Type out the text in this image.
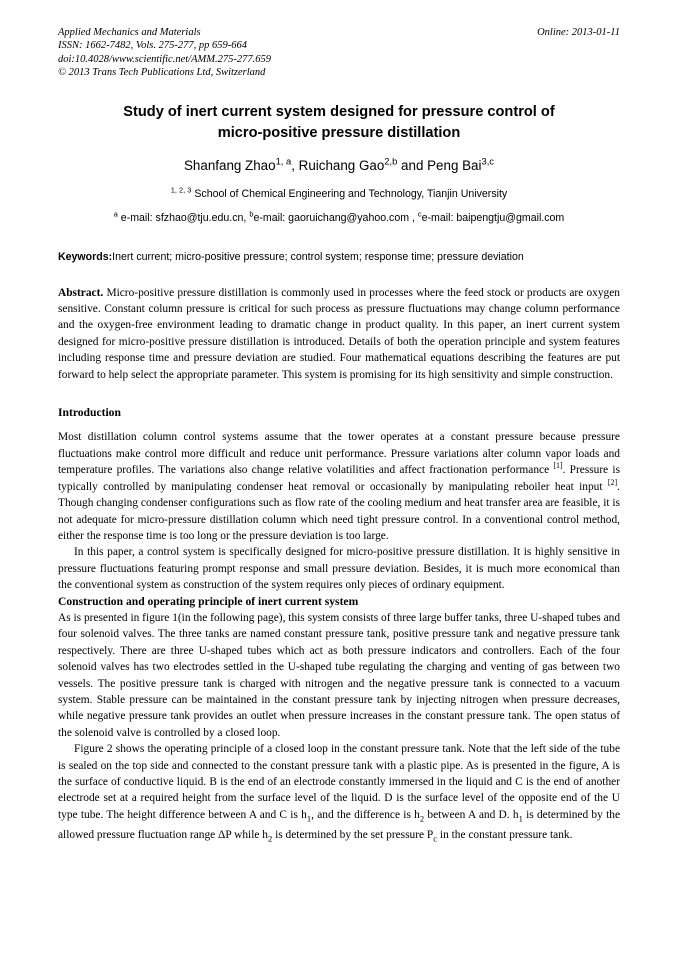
Applied Mechanics and Materials
ISSN: 1662-7482, Vols. 275-277, pp 659-664
doi:10.4028/www.scientific.net/AMM.275-277.659
© 2013 Trans Tech Publications Ltd, Switzerland
Online: 2013-01-11
Study of inert current system designed for pressure control of
micro-positive pressure distillation
Shanfang Zhao$^{1, a}$, Ruichang Gao$^{2,b}$ and Peng Bai$^{3,c}$
$^{1, 2, 3}$ School of Chemical Engineering and Technology, Tianjin University
$^a$ e-mail: sfzhao@tju.edu.cn, $^b$e-mail: gaoruichang@yahoo.com , $^c$e-mail: baipengtju@gmail.com
Keywords:Inert current; micro-positive pressure; control system; response time; pressure deviation
Abstract. Micro-positive pressure distillation is commonly used in processes where the feed stock or products are oxygen sensitive. Constant column pressure is critical for such process as pressure fluctuations may change column performance and the oxygen-free environment leading to dramatic change in product quality. In this paper, an inert current system designed for micro-positive pressure distillation is introduced. Details of both the operation principle and system features including response time and pressure deviation are studied. Four mathematical equations describing the features are put forward to help select the appropriate parameter. This system is promising for its high sensitivity and simple construction.
Introduction

Most distillation column control systems assume that the tower operates at a constant pressure because pressure fluctuations make control more difficult and reduce unit performance. Pressure variations alter column vapor loads and temperature profiles. The variations also change relative volatilities and affect fractionation performance [1]. Pressure is typically controlled by manipulating condenser heat removal or occasionally by manipulating reboiler heat input [2]. Though changing condenser configurations such as flow rate of the cooling medium and heat transfer area are feasible, it is not adequate for micro-pressure distillation column which need tight pressure control. In a conventional control method, either the response time is too long or the pressure deviation is too large.

In this paper, a control system is specifically designed for micro-positive pressure distillation. It is highly sensitive in pressure fluctuations featuring prompt response and small pressure deviation. Besides, it is much more economical than the conventional system as construction of the system requires only pieces of ordinary equipment.

Construction and operating principle of inert current system

As is presented in figure 1(in the following page), this system consists of three large buffer tanks, three U-shaped tubes and four solenoid valves. The three tanks are named constant pressure tank, positive pressure tank and negative pressure tank respectively. There are three U-shaped tubes which act as both pressure indicators and controllers. Each of the four solenoid valves has two electrodes settled in the U-shaped tube regulating the charging and venting of gas between two vessels. The positive pressure tank is charged with nitrogen and the negative pressure tank is connected to a vacuum system. Stable pressure can be maintained in the constant pressure tank by injecting nitrogen when pressure decreases, while negative pressure tank provides an outlet when pressure increases in the constant pressure tank. The open status of the solenoid valve is controlled by a closed loop.

Figure 2 shows the operating principle of a closed loop in the constant pressure tank. Note that the left side of the tube is sealed on the top side and connected to the constant pressure tank with a plastic pipe. As is presented in the figure, A is the surface of conductive liquid. B is the end of an electrode constantly immersed in the liquid and C is the end of another electrode set at a required height from the surface level of the liquid. D is the surface level of the opposite end of the U type tube. The height difference between A and C is $h_1$, and the difference is $h_2$ between A and D. $h_1$ is determined by the allowed pressure fluctuation range ΔP while $h_2$ is determined by the set pressure $P_c$ in the constant pressure tank.
